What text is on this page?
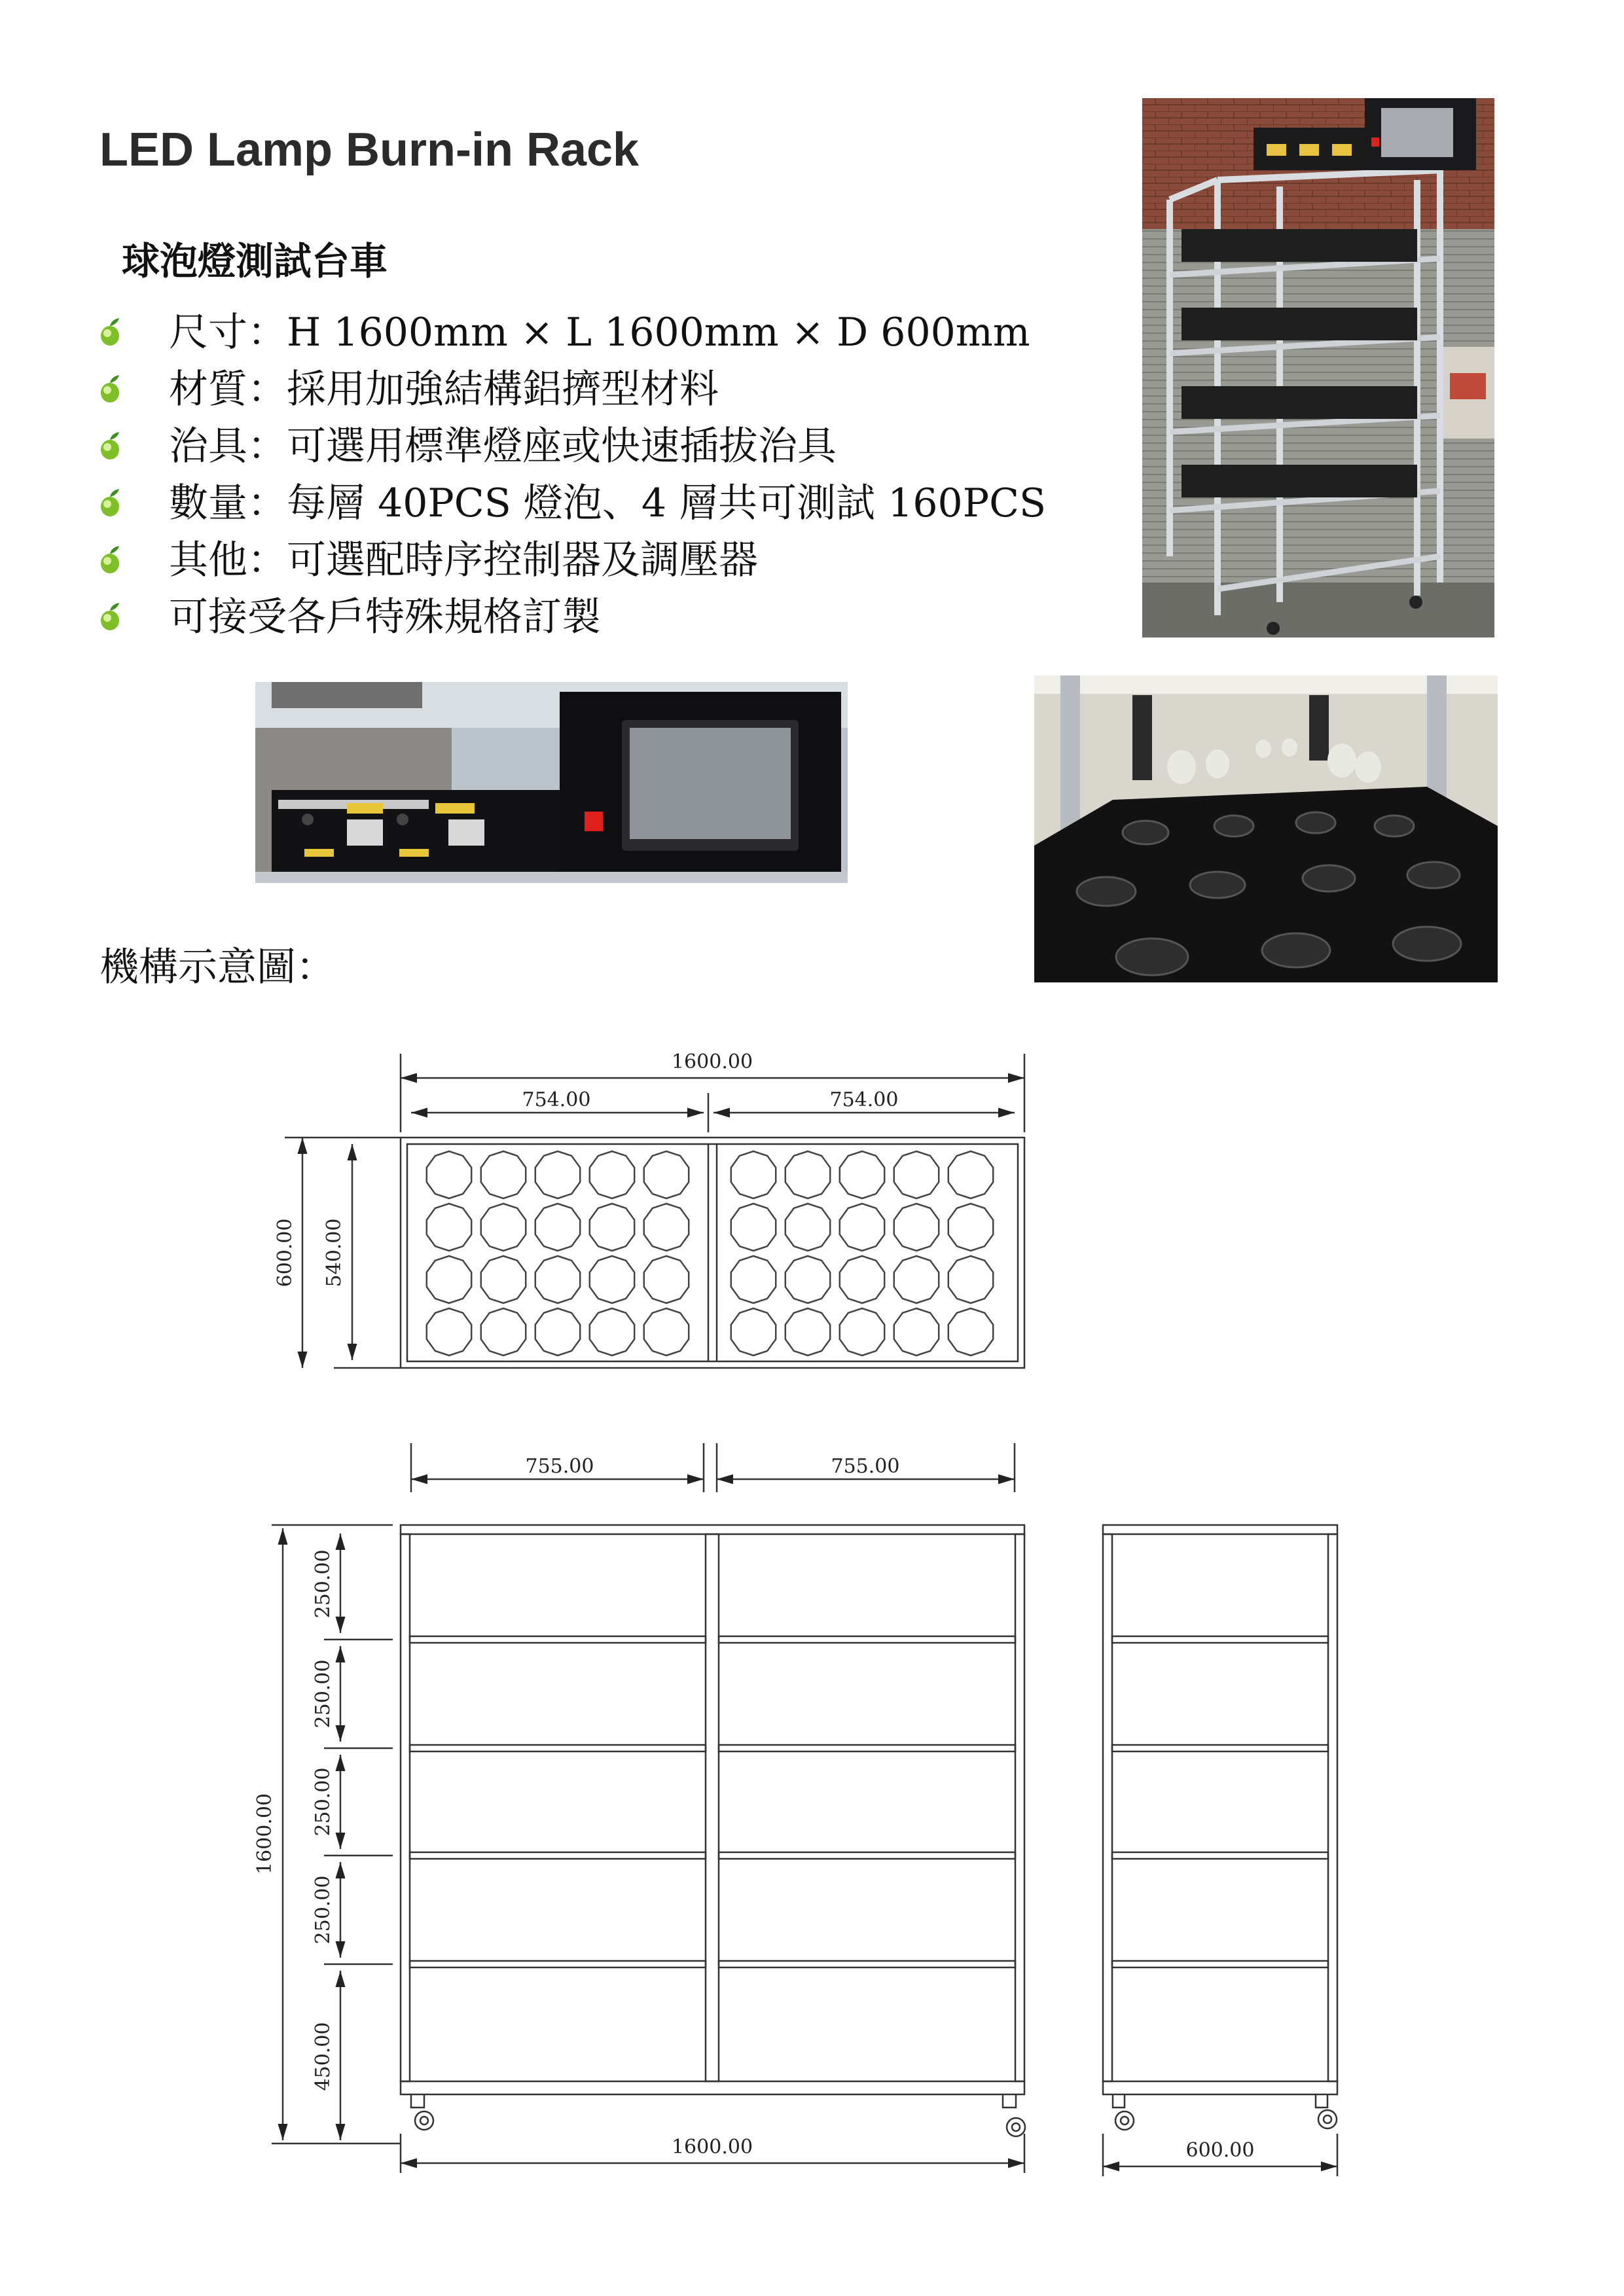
LED Lamp Burn-in Rack
球泡燈測試台車
尺寸：H 1600mm × L 1600mm × D 600mm
材質：採用加強結構鋁擠型材料
治具：可選用標準燈座或快速插拔治具
數量：每層 40PCS 燈泡、4 層共可測試 160PCS
其他：可選配時序控制器及調壓器
可接受各戶特殊規格訂製
機構示意圖：
1600.00
754.00	754.00
600.00 540.00
755.00	755.00
1600.00
250.00
250.00
250.00
250.00
450.00
1600.00	600.00
